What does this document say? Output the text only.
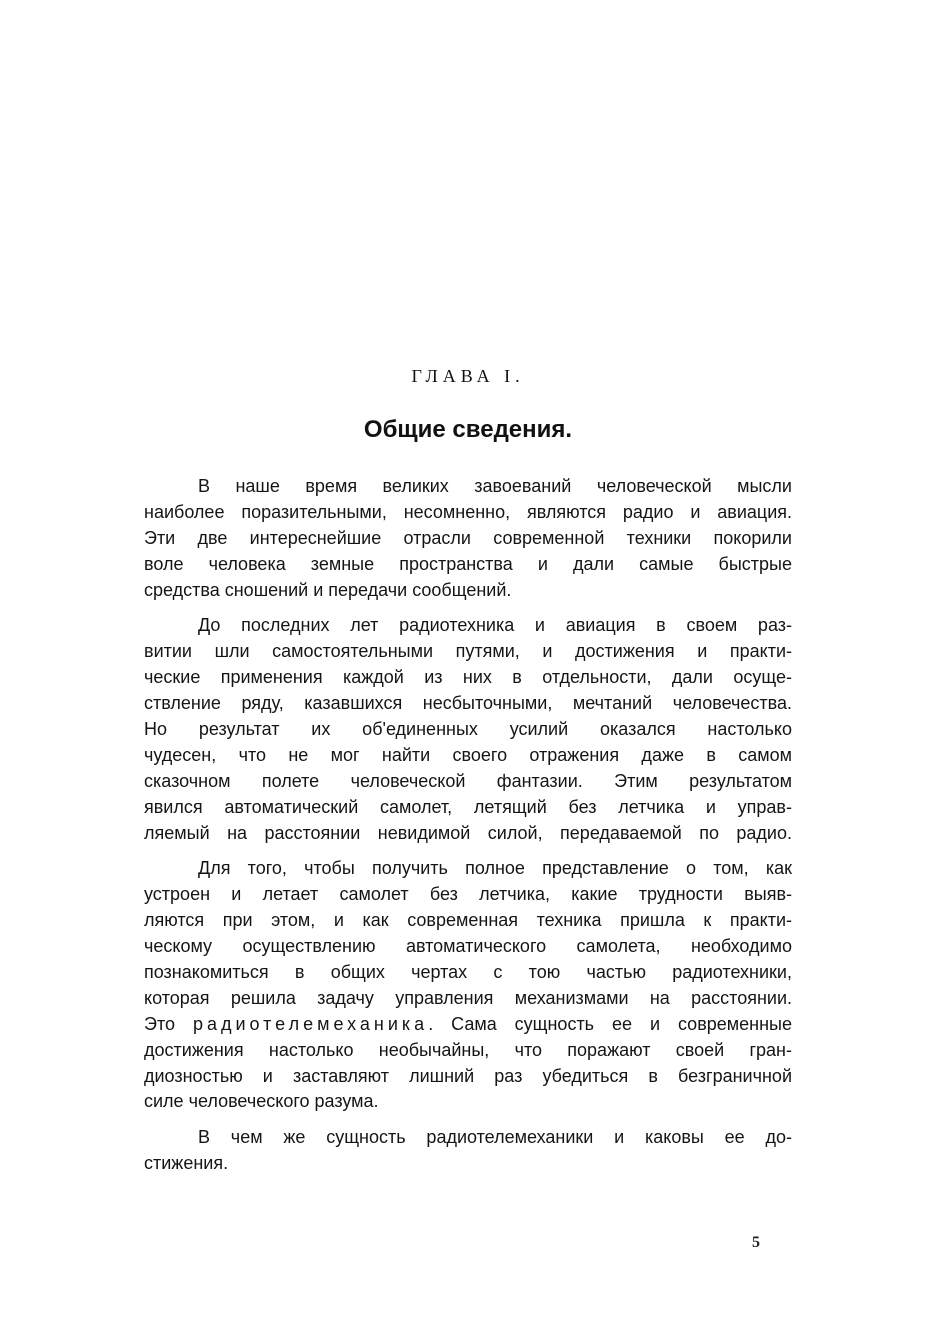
ГЛАВА I.
Общие сведения.
В наше время великих завоеваний человеческой мысли
наиболее поразительными, несомненно, являются радио и авиация.
Эти две интереснейшие отрасли современной техники покорили
воле человека земные пространства и дали самые быстрые
средства сношений и передачи сообщений.
До последних лет радиотехника и авиация в своем раз-
витии шли самостоятельными путями, и достижения и практи-
ческие применения каждой из них в отдельности, дали осуще-
ствление ряду, казавшихся несбыточными, мечтаний человечества.
Но результат их об'единенных усилий оказался настолько
чудесен, что не мог найти своего отражения даже в самом
сказочном полете человеческой фантазии. Этим результатом
явился автоматический самолет, летящий без летчика и управ-
ляемый на расстоянии невидимой силой, передаваемой по радио.
Для того, чтобы получить полное представление о том, как
устроен и летает самолет без летчика, какие трудности выяв-
ляются при этом, и как современная техника пришла к практи-
ческому осуществлению автоматического самолета, необходимо
познакомиться в общих чертах с тою частью радиотехники,
которая решила задачу управления механизмами на расстоянии.
Это радиотелемеханика. Сама сущность ее и современные
достижения настолько необычайны, что поражают своей гран-
диозностью и заставляют лишний раз убедиться в безграничной
силе человеческого разума.
В чем же сущность радиотелемеханики и каковы ее до-
стижения.
5
